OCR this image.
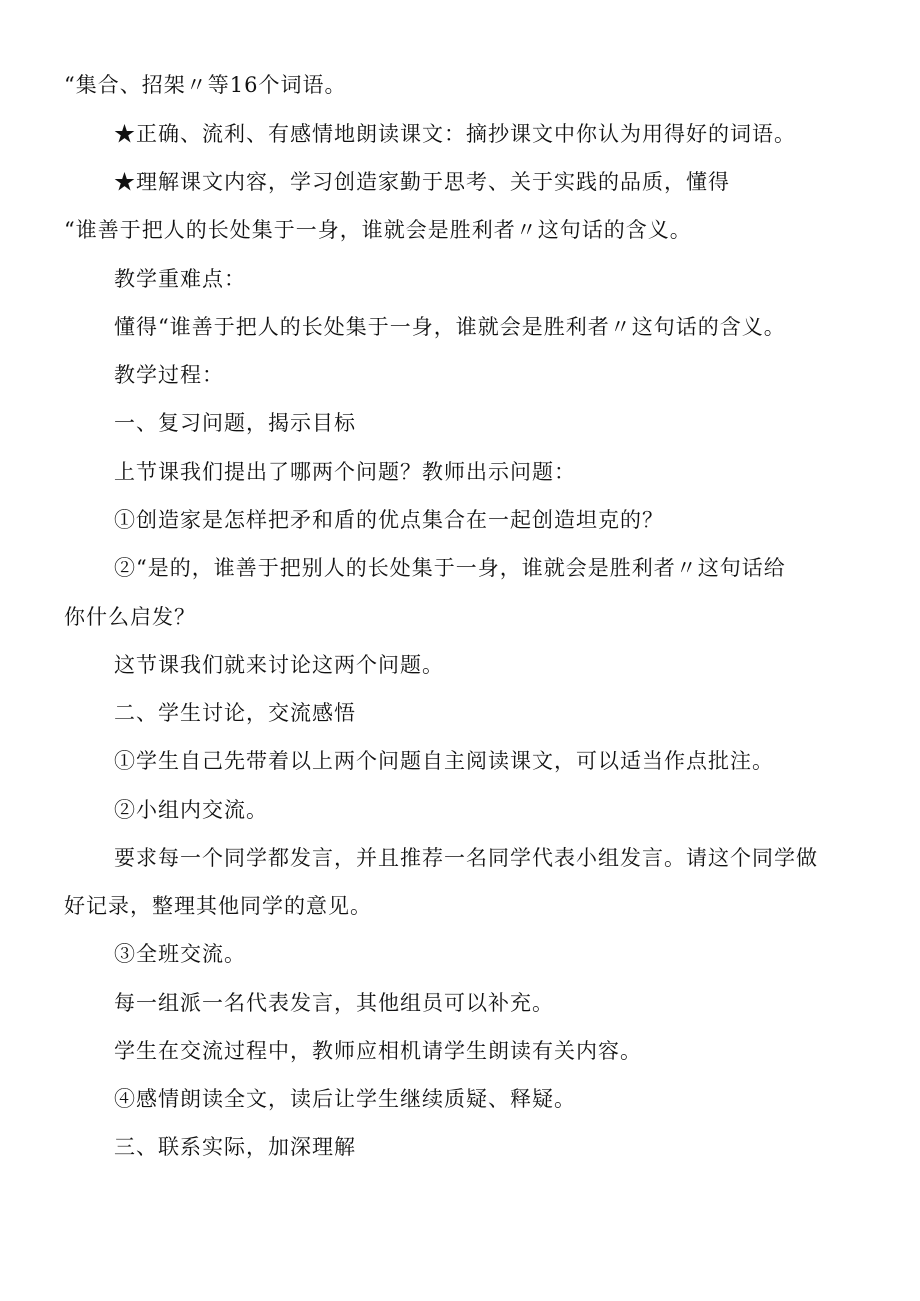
“集合、招架〃等16个词语。
★正确、流利、有感情地朗读课文：摘抄课文中你认为用得好的词语。
★理解课文内容，学习创造家勤于思考、关于实践的品质，懂得
“谁善于把人的长处集于一身，谁就会是胜利者〃这句话的含义。
教学重难点：
懂得“谁善于把人的长处集于一身，谁就会是胜利者〃这句话的含义。
教学过程：
一、复习问题，揭示目标
上节课我们提出了哪两个问题？教师出示问题：
①创造家是怎样把矛和盾的优点集合在一起创造坦克的？
②“是的，谁善于把别人的长处集于一身，谁就会是胜利者〃这句话给
你什么启发？
这节课我们就来讨论这两个问题。
二、学生讨论，交流感悟
①学生自己先带着以上两个问题自主阅读课文，可以适当作点批注。
②小组内交流。
要求每一个同学都发言，并且推荐一名同学代表小组发言。请这个同学做
好记录，整理其他同学的意见。
③全班交流。
每一组派一名代表发言，其他组员可以补充。
学生在交流过程中，教师应相机请学生朗读有关内容。
④感情朗读全文，读后让学生继续质疑、释疑。
三、联系实际，加深理解
